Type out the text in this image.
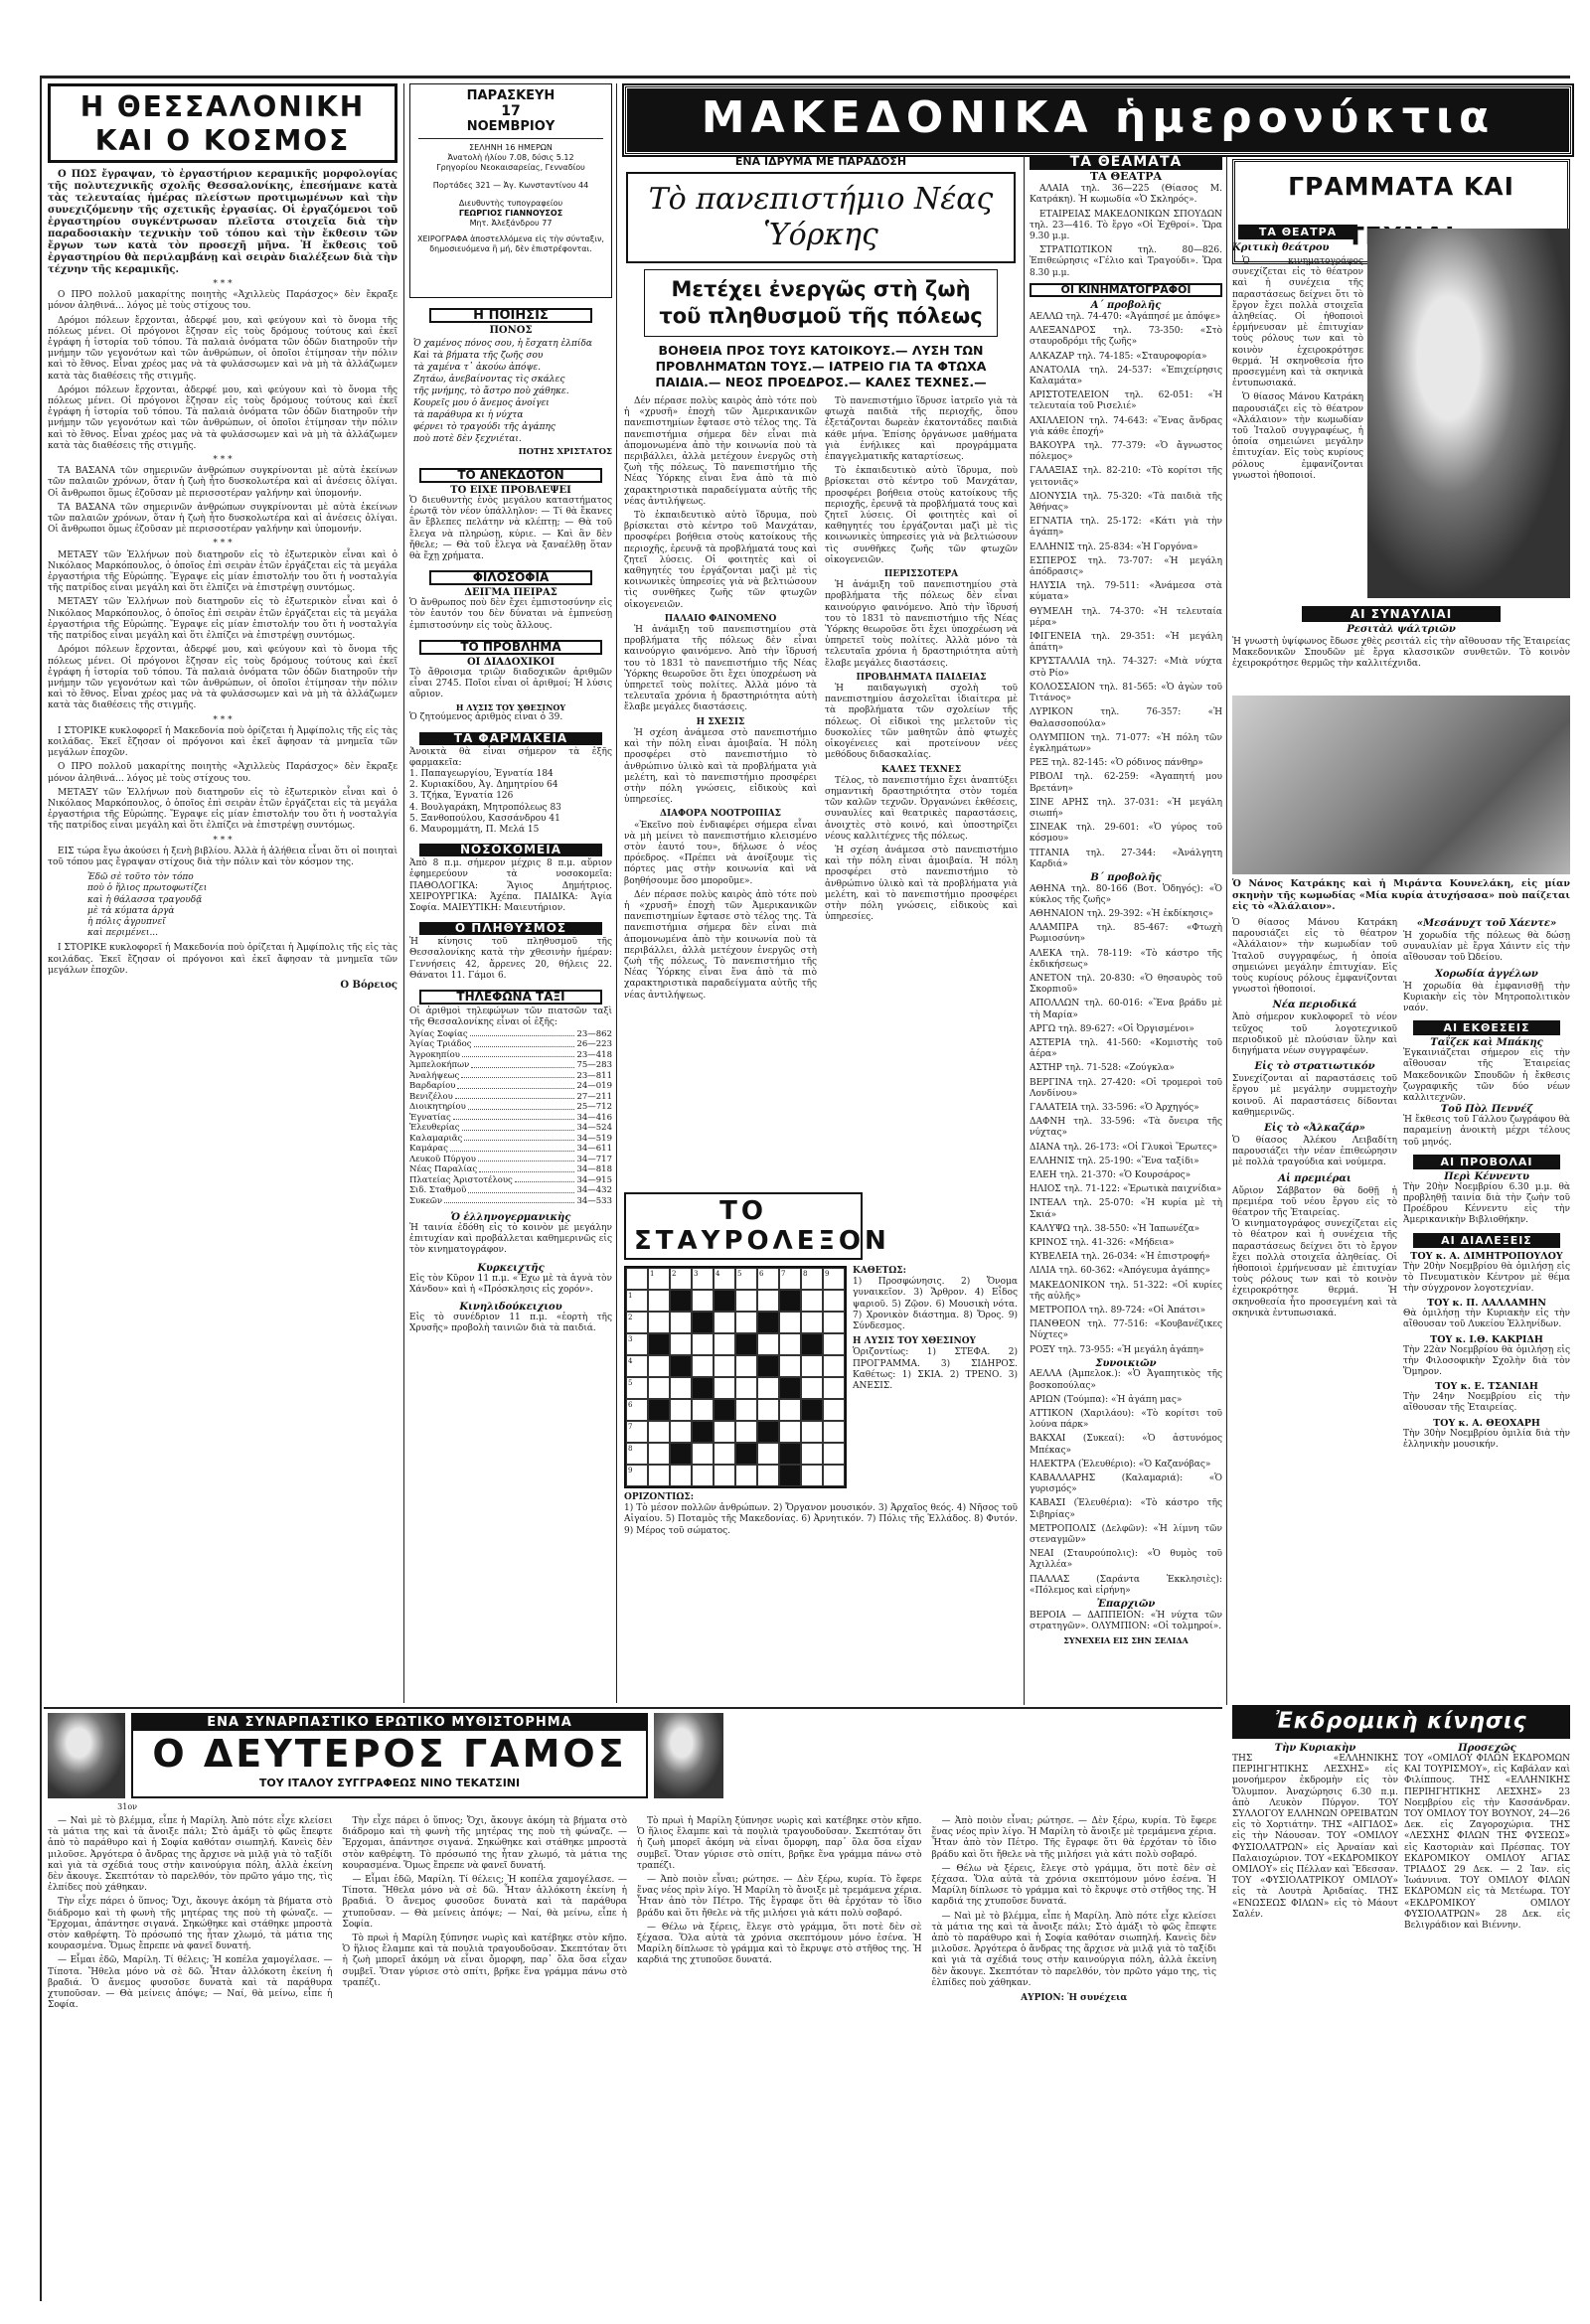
Η ΘΕΣΣΑΛΟΝΙΚΗ ΚΑΙ Ο ΚΟΣΜΟΣ

Ο ΠΩΣ ἔγραψαν, τὸ ἐργαστήριον κεραμικῆς μορφολογίας τῆς πολυτεχνικῆς σχολῆς Θεσσαλονίκης, ἐπεσήμανε κατὰ τὰς τελευταίας ἡμέρας πλείστων προτιμωμένων καὶ τὴν συνεχιζόμενην τῆς σχετικῆς ἐργασίας. Οἱ ἐργαζόμενοι τοῦ ἐργαστηρίου συγκέντρωσαν πλεῖστα στοιχεῖα διὰ τὴν παραδοσιακὴν τεχνικὴν τοῦ τόπου καὶ τὴν ἔκθεσιν τῶν ἔργων των κατὰ τὸν προσεχῆ μῆνα. Ἡ ἔκθεσις τοῦ ἐργαστηρίου θὰ περιλαμβάνῃ καὶ σειρὰν διαλέξεων διὰ τὴν τέχνην τῆς κεραμικῆς.

* * *

Ο ΠΡΟ πολλοῦ μακαρίτης ποιητὴς «Ἀχιλλεὺς Παράσχος» δὲν ἔκραξε μόνον ἀληθινά... λόγος μὲ τοὺς στίχους του.

Δρόμοι πόλεων ἔρχονται, ἀδερφέ μου, καὶ φεύγουν καὶ τὸ ὄνομα τῆς πόλεως μένει. Οἱ πρόγονοι ἔζησαν εἰς τοὺς δρόμους τούτους καὶ ἐκεῖ ἐγράφη ἡ ἱστορία τοῦ τόπου. Τὰ παλαιὰ ὀνόματα τῶν ὁδῶν διατηροῦν τὴν μνήμην τῶν γεγονότων καὶ τῶν ἀνθρώπων, οἱ ὁποῖοι ἐτίμησαν τὴν πόλιν καὶ τὸ ἔθνος. Εἶναι χρέος μας νὰ τὰ φυλάσσωμεν καὶ νὰ μὴ τὰ ἀλλάζωμεν κατὰ τὰς διαθέσεις τῆς στιγμῆς.

Δρόμοι πόλεων ἔρχονται, ἀδερφέ μου, καὶ φεύγουν καὶ τὸ ὄνομα τῆς πόλεως μένει. Οἱ πρόγονοι ἔζησαν εἰς τοὺς δρόμους τούτους καὶ ἐκεῖ ἐγράφη ἡ ἱστορία τοῦ τόπου. Τὰ παλαιὰ ὀνόματα τῶν ὁδῶν διατηροῦν τὴν μνήμην τῶν γεγονότων καὶ τῶν ἀνθρώπων, οἱ ὁποῖοι ἐτίμησαν τὴν πόλιν καὶ τὸ ἔθνος. Εἶναι χρέος μας νὰ τὰ φυλάσσωμεν καὶ νὰ μὴ τὰ ἀλλάζωμεν κατὰ τὰς διαθέσεις τῆς στιγμῆς.

* * *

ΤΑ ΒΑΣΑΝΑ τῶν σημερινῶν ἀνθρώπων συγκρίνονται μὲ αὐτὰ ἐκείνων τῶν παλαιῶν χρόνων, ὅταν ἡ ζωὴ ἦτο δυσκολωτέρα καὶ αἱ ἀνέσεις ὀλίγαι. Οἱ ἄνθρωποι ὅμως ἐζοῦσαν μὲ περισσοτέραν γαλήνην καὶ ὑπομονήν.

ΤΑ ΒΑΣΑΝΑ τῶν σημερινῶν ἀνθρώπων συγκρίνονται μὲ αὐτὰ ἐκείνων τῶν παλαιῶν χρόνων, ὅταν ἡ ζωὴ ἦτο δυσκολωτέρα καὶ αἱ ἀνέσεις ὀλίγαι. Οἱ ἄνθρωποι ὅμως ἐζοῦσαν μὲ περισσοτέραν γαλήνην καὶ ὑπομονήν.

* * *

ΜΕΤΑΞΥ τῶν Ἑλλήνων ποὺ διατηροῦν εἰς τὸ ἐξωτερικὸν εἶναι καὶ ὁ Νικόλαος Μαρκόπουλος, ὁ ὁποῖος ἐπὶ σειρὰν ἐτῶν ἐργάζεται εἰς τὰ μεγάλα ἐργαστήρια τῆς Εὐρώπης. Ἔγραψε εἰς μίαν ἐπιστολήν του ὅτι ἡ νοσταλγία τῆς πατρίδος εἶναι μεγάλη καὶ ὅτι ἐλπίζει νὰ ἐπιστρέψῃ συντόμως.

ΜΕΤΑΞΥ τῶν Ἑλλήνων ποὺ διατηροῦν εἰς τὸ ἐξωτερικὸν εἶναι καὶ ὁ Νικόλαος Μαρκόπουλος, ὁ ὁποῖος ἐπὶ σειρὰν ἐτῶν ἐργάζεται εἰς τὰ μεγάλα ἐργαστήρια τῆς Εὐρώπης. Ἔγραψε εἰς μίαν ἐπιστολήν του ὅτι ἡ νοσταλγία τῆς πατρίδος εἶναι μεγάλη καὶ ὅτι ἐλπίζει νὰ ἐπιστρέψῃ συντόμως.

Δρόμοι πόλεων ἔρχονται, ἀδερφέ μου, καὶ φεύγουν καὶ τὸ ὄνομα τῆς πόλεως μένει. Οἱ πρόγονοι ἔζησαν εἰς τοὺς δρόμους τούτους καὶ ἐκεῖ ἐγράφη ἡ ἱστορία τοῦ τόπου. Τὰ παλαιὰ ὀνόματα τῶν ὁδῶν διατηροῦν τὴν μνήμην τῶν γεγονότων καὶ τῶν ἀνθρώπων, οἱ ὁποῖοι ἐτίμησαν τὴν πόλιν καὶ τὸ ἔθνος. Εἶναι χρέος μας νὰ τὰ φυλάσσωμεν καὶ νὰ μὴ τὰ ἀλλάζωμεν κατὰ τὰς διαθέσεις τῆς στιγμῆς.

* * *

Ι ΣΤΟΡΙΚΕ κυκλοφορεῖ ἡ Μακεδονία ποὺ ὁρίζεται ἡ Ἀμφίπολις τῆς εἰς τὰς κοιλάδας. Ἐκεῖ ἔζησαν οἱ πρόγονοι καὶ ἐκεῖ ἄφησαν τὰ μνημεῖα τῶν μεγάλων ἐποχῶν.

Ο ΠΡΟ πολλοῦ μακαρίτης ποιητὴς «Ἀχιλλεὺς Παράσχος» δὲν ἔκραξε μόνον ἀληθινά... λόγος μὲ τοὺς στίχους του.

ΜΕΤΑΞΥ τῶν Ἑλλήνων ποὺ διατηροῦν εἰς τὸ ἐξωτερικὸν εἶναι καὶ ὁ Νικόλαος Μαρκόπουλος, ὁ ὁποῖος ἐπὶ σειρὰν ἐτῶν ἐργάζεται εἰς τὰ μεγάλα ἐργαστήρια τῆς Εὐρώπης. Ἔγραψε εἰς μίαν ἐπιστολήν του ὅτι ἡ νοσταλγία τῆς πατρίδος εἶναι μεγάλη καὶ ὅτι ἐλπίζει νὰ ἐπιστρέψῃ συντόμως.

* * *

ΕΙΣ τώρα ἔγω ἀκούσει ἡ ξενὴ βιβλίου. Ἀλλὰ ἡ ἀλήθεια εἶναι ὅτι οἱ ποιηταὶ τοῦ τόπου μας ἔγραψαν στίχους διὰ τὴν πόλιν καὶ τὸν κόσμον της.

Ἐδῶ σὲ τοῦτο τὸν τόπο
ποὺ ὁ ἥλιος πρωτοφωτίζει
καὶ ἡ θάλασσα τραγουδᾷ
μὲ τὰ κύματα ἀργὰ
ἡ πόλις ἀγρυπνεῖ
καὶ περιμένει...

Ι ΣΤΟΡΙΚΕ κυκλοφορεῖ ἡ Μακεδονία ποὺ ὁρίζεται ἡ Ἀμφίπολις τῆς εἰς τὰς κοιλάδας. Ἐκεῖ ἔζησαν οἱ πρόγονοι καὶ ἐκεῖ ἄφησαν τὰ μνημεῖα τῶν μεγάλων ἐποχῶν.

Ο Βόρειος
ΠΑΡΑΣΚΕΥΗ
17
ΝΟΕΜΒΡΙΟΥ
ΣΕΛΗΝΗ 16 ΗΜΕΡΩΝ
Ἀνατολὴ ἡλίου 7.08, δύσις 5.12
Γρηγορίου Νεοκαισαρείας, Γενναδίου
Πορτάδες 321 — Ἁγ. Κωνσταντίνου 44
Διευθυντὴς τυπογραφείου
ΓΕΩΡΓΙΟΣ ΓΙΑΝΝΟΥΣΟΣ
Μητ. Ἀλεξάνδρου 77
ΧΕΙΡΟΓΡΑΦΑ ἀποστελλόμενα εἰς τὴν σύνταξιν, δημοσιευόμενα ἢ μή, δὲν ἐπιστρέφονται.
Η ΠΟΙΗΣΙΣ
ΠΟΝΟΣ
Ὁ χαμένος πόνος σου, ἡ ἔσχατη ἐλπίδα
Καὶ τὰ βήματα τῆς ζωῆς σου
τὰ χαμένα τ᾽ ἀκούω ἀπόψε.
Ζητάω, ἀνεβαίνοντας τὶς σκάλες
τῆς μνήμης, τὸ ἄστρο ποὺ χάθηκε.
Κουρεῖς μου ὁ ἄνεμος ἀνοίγει
τὰ παράθυρα κι ἡ νύχτα
φέρνει τὸ τραγούδι τῆς ἀγάπης
ποὺ ποτὲ δὲν ξεχνιέται.
ΠΟΤΗΣ ΧΡΙΣΤΑΤΟΣ
ΤΟ ΑΝΕΚΔΟΤΟΝ
ΤΟ ΕΙΧΕ ΠΡΟΒΛΕΨΕΙ
Ὁ διευθυντὴς ἐνὸς μεγάλου καταστήματος ἐρωτᾷ τὸν νέον ὑπάλληλον: — Τί θὰ ἔκανες ἂν ἔβλεπες πελάτην νὰ κλέπτῃ; — Θὰ τοῦ ἔλεγα νὰ πληρώσῃ, κύριε. — Καὶ ἂν δὲν ἤθελε; — Θὰ τοῦ ἔλεγα νὰ ξαναέλθῃ ὅταν θὰ ἔχῃ χρήματα.
ΦΙΛΟΣΟΦΙΑ
ΔΕΙΓΜΑ ΠΕΙΡΑΣ
Ὁ ἄνθρωπος ποὺ δὲν ἔχει ἐμπιστοσύνην εἰς τὸν ἑαυτόν του δὲν δύναται νὰ ἐμπνεύσῃ ἐμπιστοσύνην εἰς τοὺς ἄλλους.
ΤΟ ΠΡΟΒΛΗΜΑ
ΟΙ ΔΙΑΔΟΧΙΚΟΙ
Τὸ ἄθροισμα τριῶν διαδοχικῶν ἀριθμῶν εἶναι 2745. Ποῖοι εἶναι οἱ ἀριθμοί; Ἡ λύσις αὔριον.
Η ΛΥΣΙΣ ΤΟΥ ΧΘΕΣΙΝΟΥ
Ὁ ζητούμενος ἀριθμὸς εἶναι ὁ 39.
ΤΑ ΦΑΡΜΑΚΕΙΑ
Ἀνοικτὰ θὰ εἶναι σήμερον τὰ ἑξῆς φαρμακεῖα:
1. Παπαγεωργίου, Ἐγνατία 184
2. Κυριακίδου, Ἀγ. Δημητρίου 64
3. Τζήκα, Ἐγνατία 126
4. Βουλγαράκη, Μητροπόλεως 83
5. Ξανθοπούλου, Κασσάνδρου 41
6. Μαυρομμάτη, Π. Μελά 15
ΝΟΣΟΚΟΜΕΙΑ
Ἀπὸ 8 π.μ. σήμερον μέχρις 8 π.μ. αὔριον ἐφημερεύουν τὰ νοσοκομεῖα: ΠΑΘΟΛΟΓΙΚΑ: Ἅγιος Δημήτριος. ΧΕΙΡΟΥΡΓΙΚΑ: Ἀχέπα. ΠΑΙΔΙΚΑ: Ἁγία Σοφία. ΜΑΙΕΥΤΙΚΗ: Μαιευτήριον.
Ο ΠΛΗΘΥΣΜΟΣ
Ἡ κίνησις τοῦ πληθυσμοῦ τῆς Θεσσαλονίκης κατὰ τὴν χθεσινὴν ἡμέραν: Γεννήσεις 42, ἄρρενες 20, θήλεις 22. Θάνατοι 11. Γάμοι 6.
ΤΗΛΕΦΩΝΑ ΤΑΞΙ
Οἱ ἀριθμοὶ τηλεφώνων τῶν πιατσῶν ταξὶ τῆς Θεσσαλονίκης εἶναι οἱ ἑξῆς:
Ἁγίας Σοφίας	23—862
Ἁγίας Τριάδος	26—223
Ἀγροκηπίου	23—418
Ἀμπελοκήπων	75—283
Ἀναλήψεως	23—811
Βαρδαρίου	24—019
Βενιζέλου	27—211
Διοικητηρίου	25—712
Ἐγνατίας	34—416
Ἐλευθερίας	34—524
Καλαμαριᾶς	34—519
Καμάρας	34—611
Λευκοῦ Πύργου	34—717
Νέας Παραλίας	34—818
Πλατείας Ἀριστοτέλους	34—915
Σιδ. Σταθμοῦ	34—432
Συκεῶν	34—533
Ὁ ἑλληνογερμανικὴς
Ἡ ταινία ἐδόθη εἰς τὸ κοινὸν μὲ μεγάλην ἐπιτυχίαν καὶ προβάλλεται καθημερινῶς εἰς τὸν κινηματογράφον.
Κυρκειχτῆς
Εἰς τὸν Κῦρον 11 π.μ. «Ἔχω μὲ τὰ ἁγνὰ τὸν Χάνδου» καὶ ἡ «Πρόσκλησις εἰς χορόν».
Κινηλιδούκειχιου
Εἰς τὸ συνέδριον 11 π.μ. «ἑορτὴ τῆς Χρυσῆς» προβολὴ ταινιῶν διὰ τὰ παιδιά.
ΜΑΚΕΔΟΝΙΚΑ ἡμερονύκτια
ΕΝΑ ΙΔΡΥΜΑ ΜΕ ΠΑΡΑΔΟΣΗ
Τὸ πανεπιστήμιο Νέας Ὑόρκης
Μετέχει ἐνεργῶς στὴ ζωὴ τοῦ πληθυσμοῦ τῆς πόλεως
ΒΟΗΘΕΙΑ ΠΡΟΣ ΤΟΥΣ ΚΑΤΟΙΚΟΥΣ.— ΛΥΣΗ ΤΩΝ ΠΡΟΒΛΗΜΑΤΩΝ ΤΟΥΣ.— ΙΑΤΡΕΙΟ ΓΙΑ ΤΑ ΦΤΩΧΑ ΠΑΙΔΙΑ.— ΝΕΟΣ ΠΡΟΕΔΡΟΣ.— ΚΑΛΕΣ ΤΕΧΝΕΣ.—

Δέν πέρασε πολὺς καιρὸς ἀπὸ τότε ποὺ ἡ «χρυσῆ» ἐποχὴ τῶν Ἀμερικανικῶν πανεπιστημίων ἔφτασε στὸ τέλος της. Τὰ πανεπιστήμια σήμερα δὲν εἶναι πιὰ ἀπομονωμένα ἀπὸ τὴν κοινωνία ποὺ τὰ περιβάλλει, ἀλλὰ μετέχουν ἐνεργῶς στὴ ζωὴ τῆς πόλεως. Τὸ πανεπιστήμιο τῆς Νέας Ὑόρκης εἶναι ἕνα ἀπὸ τὰ πιὸ χαρακτηριστικὰ παραδείγματα αὐτῆς τῆς νέας ἀντιλήψεως.

Τὸ ἐκπαιδευτικὸ αὐτὸ ἵδρυμα, ποὺ βρίσκεται στὸ κέντρο τοῦ Μανχάταν, προσφέρει βοήθεια στοὺς κατοίκους τῆς περιοχῆς, ἐρευνᾷ τὰ προβλήματά τους καὶ ζητεῖ λύσεις. Οἱ φοιτητὲς καὶ οἱ καθηγητές του ἐργάζονται μαζὶ μὲ τὶς κοινωνικὲς ὑπηρεσίες γιὰ νὰ βελτιώσουν τὶς συνθῆκες ζωῆς τῶν φτωχῶν οἰκογενειῶν.

ΠΑΛΑΙΟ ΦΑΙΝΟΜΕΝΟ

Ἡ ἀνάμιξη τοῦ πανεπιστημίου στὰ προβλήματα τῆς πόλεως δὲν εἶναι καινούργιο φαινόμενο. Ἀπὸ τὴν ἵδρυσή του τὸ 1831 τὸ πανεπιστήμιο τῆς Νέας Ὑόρκης θεωροῦσε ὅτι ἔχει ὑποχρέωση νὰ ὑπηρετεῖ τοὺς πολίτες. Ἀλλὰ μόνο τὰ τελευταῖα χρόνια ἡ δραστηριότητα αὐτὴ ἔλαβε μεγάλες διαστάσεις.

Η ΣΧΕΣΙΣ

Ἡ σχέση ἀνάμεσα στὸ πανεπιστήμιο καὶ τὴν πόλη εἶναι ἀμοιβαία. Ἡ πόλη προσφέρει στὸ πανεπιστήμιο τὸ ἀνθρώπινο ὑλικὸ καὶ τὰ προβλήματα γιὰ μελέτη, καὶ τὸ πανεπιστήμιο προσφέρει στὴν πόλη γνώσεις, εἰδικοὺς καὶ ὑπηρεσίες.

ΔΙΑΦΟΡΑ ΝΟΟΤΡΟΠΙΑΣ

«Ἐκεῖνο ποὺ ἐνδιαφέρει σήμερα εἶναι νὰ μὴ μείνει τὸ πανεπιστήμιο κλεισμένο στὸν ἑαυτό του», δήλωσε ὁ νέος πρόεδρος. «Πρέπει νὰ ἀνοίξουμε τὶς πόρτες μας στὴν κοινωνία καὶ νὰ βοηθήσουμε ὅσο μποροῦμε».

Δέν πέρασε πολὺς καιρὸς ἀπὸ τότε ποὺ ἡ «χρυσῆ» ἐποχὴ τῶν Ἀμερικανικῶν πανεπιστημίων ἔφτασε στὸ τέλος της. Τὰ πανεπιστήμια σήμερα δὲν εἶναι πιὰ ἀπομονωμένα ἀπὸ τὴν κοινωνία ποὺ τὰ περιβάλλει, ἀλλὰ μετέχουν ἐνεργῶς στὴ ζωὴ τῆς πόλεως. Τὸ πανεπιστήμιο τῆς Νέας Ὑόρκης εἶναι ἕνα ἀπὸ τὰ πιὸ χαρακτηριστικὰ παραδείγματα αὐτῆς τῆς νέας ἀντιλήψεως.

Τὸ πανεπιστήμιο ἵδρυσε ἰατρεῖο γιὰ τὰ φτωχὰ παιδιὰ τῆς περιοχῆς, ὅπου ἐξετάζονται δωρεὰν ἑκατοντάδες παιδιὰ κάθε μήνα. Ἐπίσης ὀργάνωσε μαθήματα γιὰ ἐνήλικες καὶ προγράμματα ἐπαγγελματικῆς καταρτίσεως.

Τὸ ἐκπαιδευτικὸ αὐτὸ ἵδρυμα, ποὺ βρίσκεται στὸ κέντρο τοῦ Μανχάταν, προσφέρει βοήθεια στοὺς κατοίκους τῆς περιοχῆς, ἐρευνᾷ τὰ προβλήματά τους καὶ ζητεῖ λύσεις. Οἱ φοιτητὲς καὶ οἱ καθηγητές του ἐργάζονται μαζὶ μὲ τὶς κοινωνικὲς ὑπηρεσίες γιὰ νὰ βελτιώσουν τὶς συνθῆκες ζωῆς τῶν φτωχῶν οἰκογενειῶν.

ΠΕΡΙΣΣΟΤΕΡΑ

Ἡ ἀνάμιξη τοῦ πανεπιστημίου στὰ προβλήματα τῆς πόλεως δὲν εἶναι καινούργιο φαινόμενο. Ἀπὸ τὴν ἵδρυσή του τὸ 1831 τὸ πανεπιστήμιο τῆς Νέας Ὑόρκης θεωροῦσε ὅτι ἔχει ὑποχρέωση νὰ ὑπηρετεῖ τοὺς πολίτες. Ἀλλὰ μόνο τὰ τελευταῖα χρόνια ἡ δραστηριότητα αὐτὴ ἔλαβε μεγάλες διαστάσεις.

ΠΡΟΒΛΗΜΑΤΑ ΠΑΙΔΕΙΑΣ

Ἡ παιδαγωγικὴ σχολὴ τοῦ πανεπιστημίου ἀσχολεῖται ἰδιαίτερα μὲ τὰ προβλήματα τῶν σχολείων τῆς πόλεως. Οἱ εἰδικοὶ της μελετοῦν τὶς δυσκολίες τῶν μαθητῶν ἀπὸ φτωχὲς οἰκογένειες καὶ προτείνουν νέες μεθόδους διδασκαλίας.

ΚΑΛΕΣ ΤΕΧΝΕΣ

Τέλος, τὸ πανεπιστήμιο ἔχει ἀναπτύξει σημαντικὴ δραστηριότητα στὸν τομέα τῶν καλῶν τεχνῶν. Ὀργανώνει ἐκθέσεις, συναυλίες καὶ θεατρικὲς παραστάσεις, ἀνοιχτὲς στὸ κοινό, καὶ ὑποστηρίζει νέους καλλιτέχνες τῆς πόλεως.

Ἡ σχέση ἀνάμεσα στὸ πανεπιστήμιο καὶ τὴν πόλη εἶναι ἀμοιβαία. Ἡ πόλη προσφέρει στὸ πανεπιστήμιο τὸ ἀνθρώπινο ὑλικὸ καὶ τὰ προβλήματα γιὰ μελέτη, καὶ τὸ πανεπιστήμιο προσφέρει στὴν πόλη γνώσεις, εἰδικοὺς καὶ ὑπηρεσίες.

ΤΟ ΣΤΑΥΡΟΛΕΞΟΝ
1	2	3	4	5	6	7	8	9
1
2
3
4
5
6
7
8
9
ΚΑΘΕΤΩΣ:
1) Προσφώνησις. 2) Ὄνομα γυναικεῖον. 3) Ἄρθρον. 4) Εἶδος ψαριοῦ. 5) Ζῷον. 6) Μουσικὴ νότα. 7) Χρονικὸν διάστημα. 8) Ὄρος. 9) Σύνδεσμος.
Η ΛΥΣΙΣ ΤΟΥ ΧΘΕΣΙΝΟΥ
Ὁριζοντίως: 1) ΣΤΕΦΑ. 2) ΠΡΟΓΡΑΜΜΑ. 3) ΣΙΔΗΡΟΣ. Καθέτως: 1) ΣΚΙΑ. 2) ΤΡΕΝΟ. 3) ΑΝΕΣΙΣ.
ΟΡΙΖΟΝΤΙΩΣ:
1) Τὸ μέσον πολλῶν ἀνθρώπων. 2) Ὄργανον μουσικόν. 3) Ἀρχαῖος θεός. 4) Νῆσος τοῦ Αἰγαίου. 5) Ποταμὸς τῆς Μακεδονίας. 6) Ἀρνητικόν. 7) Πόλις τῆς Ἑλλάδος. 8) Φυτόν. 9) Μέρος τοῦ σώματος.
ΤΑ ΘΕΑΜΑΤΑ
ΤΑ ΘΕΑΤΡΑ

ΑΛΑΙΑ τηλ. 36—225 (Θίασος Μ. Κατράκη). Ἡ κωμωδία «Ὁ Σκληρός».

ΕΤΑΙΡΕΙΑΣ ΜΑΚΕΔΟΝΙΚΩΝ ΣΠΟΥΔΩΝ τηλ. 23—416. Τὸ ἔργο «Οἱ Ἐχθροί». Ὥρα 9.30 μ.μ.

ΣΤΡΑΤΙΩΤΙΚΟΝ τηλ. 80—826. Ἐπιθεώρησις «Γέλιο καὶ Τραγούδι». Ὥρα 8.30 μ.μ.

ΟΙ ΚΙΝΗΜΑΤΟΓΡΑΦΟΙ
Α΄ προβολῆς

ΑΕΛΛΩ τηλ. 74-470: «Ἀγάπησέ με ἀπόψε»

ΑΛΕΞΑΝΔΡΟΣ τηλ. 73-350: «Στὸ σταυροδρόμι τῆς ζωῆς»

ΑΛΚΑΖΑΡ τηλ. 74-185: «Σταυροφορία»

ΑΝΑΤΟΛΙΑ τηλ. 24-537: «Ἐπιχείρησις Καλαμάτα»

ΑΡΙΣΤΟΤΕΛΕΙΟΝ τηλ. 62-051: «Ἡ τελευταία τοῦ Ρισελιέ»

ΑΧΙΛΛΕΙΟΝ τηλ. 74-643: «Ἕνας ἄνδρας γιὰ κάθε ἐποχή»

ΒΑΚΟΥΡΑ τηλ. 77-379: «Ὁ ἄγνωστος πόλεμος»

ΓΑΛΑΞΙΑΣ τηλ. 82-210: «Τὸ κορίτσι τῆς γειτονιᾶς»

ΔΙΟΝΥΣΙΑ τηλ. 75-320: «Τὰ παιδιὰ τῆς Ἀθήνας»

ΕΓΝΑΤΙΑ τηλ. 25-172: «Κάτι γιὰ τὴν ἀγάπη»

ΕΛΛΗΝΙΣ τηλ. 25-834: «Ἡ Γοργόνα»

ΕΣΠΕΡΟΣ τηλ. 73-707: «Ἡ μεγάλη ἀπόδρασις»

ΗΛΥΣΙΑ τηλ. 79-511: «Ἀνάμεσα στὰ κύματα»

ΘΥΜΕΛΗ τηλ. 74-370: «Ἡ τελευταία μέρα»

ΙΦΙΓΕΝΕΙΑ τηλ. 29-351: «Ἡ μεγάλη ἀπάτη»

ΚΡΥΣΤΑΛΛΙΑ τηλ. 74-327: «Μιὰ νύχτα στὸ Ρίο»

ΚΟΛΟΣΣΑΙΟΝ τηλ. 81-565: «Ὁ ἀγὼν τοῦ Τιτάνος»

ΛΥΡΙΚΟΝ τηλ. 76-357: «Ἡ Θαλασσοπούλα»

ΟΛΥΜΠΙΟΝ τηλ. 71-077: «Ἡ πόλη τῶν ἐγκλημάτων»

ΡΕΞ τηλ. 82-145: «Ὁ ρόδινος πάνθηρ»

ΡΙΒΟΛΙ τηλ. 62-259: «Ἀγαπητή μου Βρετάνη»

ΣΙΝΕ ΑΡΗΣ τηλ. 37-031: «Ἡ μεγάλη σιωπή»

ΣΙΝΕΑΚ τηλ. 29-601: «Ὁ γύρος τοῦ κόσμου»

ΤΙΤΑΝΙΑ τηλ. 27-344: «Ἀνάλγητη Καρδιά»

Β΄ προβολῆς

ΑΘΗΝΑ τηλ. 80-166 (Βοτ. Ὁδηγός): «Ὁ κύκλος τῆς ζωῆς»

ΑΘΗΝΑΙΟΝ τηλ. 29-392: «Ἡ ἐκδίκησις»

ΑΛΑΜΠΡΑ τηλ. 85-467: «Φτωχὴ Ρωμιοσύνη»

ΑΛΕΚΑ τηλ. 78-119: «Τὸ κάστρο τῆς ἐκδικήσεως»

ΑΝΕΤΟΝ τηλ. 20-830: «Ὁ θησαυρὸς τοῦ Σκορπιοῦ»

ΑΠΟΛΛΩΝ τηλ. 60-016: «Ἕνα βράδυ μὲ τὴ Μαρία»

ΑΡΓΩ τηλ. 89-627: «Οἱ Ὀργισμένοι»

ΑΣΤΕΡΙΑ τηλ. 41-560: «Κομιστὴς τοῦ ἀέρα»

ΑΣΤΗΡ τηλ. 71-528: «Ζούγκλα»

ΒΕΡΓΙΝΑ τηλ. 27-420: «Οἱ τρομεροὶ τοῦ Λονδίνου»

ΓΑΛΑΤΕΙΑ τηλ. 33-596: «Ὁ Ἀρχηγός»

ΔΑΦΝΗ τηλ. 33-596: «Τὰ ὄνειρα τῆς νύχτας»

ΔΙΑΝΑ τηλ. 26-173: «Οἱ Γλυκοὶ Ἔρωτες»

ΕΛΛΗΝΙΣ τηλ. 25-190: «Ἕνα ταξίδι»

ΕΛΕΗ τηλ. 21-370: «Ὁ Κουρσάρος»

ΗΛΙΟΣ τηλ. 71-122: «Ἐρωτικὰ παιχνίδια»

ΙΝΤΕΑΛ τηλ. 25-070: «Ἡ κυρία μὲ τὴ Σκιά»

ΚΑΛΥΨΩ τηλ. 38-550: «Ἡ Ἰαπωνέζα»

ΚΡΙΝΟΣ τηλ. 41-326: «Μήδεια»

ΚΥΒΕΛΕΙΑ τηλ. 26-034: «Ἡ ἐπιστροφή»

ΛΙΛΙΑ τηλ. 60-362: «Ἀπόγευμα ἀγάπης»

ΜΑΚΕΔΟΝΙΚΟΝ τηλ. 51-322: «Οἱ κυρίες τῆς αὐλῆς»

ΜΕΤΡΟΠΟΛ τηλ. 89-724: «Οἱ Ἀπάτσι»

ΠΑΝΘΕΟΝ τηλ. 77-516: «Κουβανέζικες Νύχτες»

ΡΟΞΥ τηλ. 73-955: «Ἡ μεγάλη ἀγάπη»

Συνοικιῶν

ΑΕΛΛΑ (Ἀμπελοκ.): «Ὁ Ἀγαπητικὸς τῆς βοσκοπούλας»

ΑΡΙΩΝ (Τούμπα): «Ἡ ἀγάπη μας»

ΑΤΤΙΚΟΝ (Χαριλάου): «Τὸ κορίτσι τοῦ λούνα πάρκ»

ΒΑΚΧΑΙ (Συκεαί): «Ὁ ἀστυνόμος Μπέκας»

ΗΛΕΚΤΡΑ (Ἐλευθέριο): «Ὁ Καζανόβας»

ΚΑΒΑΛΛΑΡΗΣ (Καλαμαριά): «Ὁ γυρισμός»

ΚΑΒΑΣΙ (Ἐλευθέρια): «Τὸ κάστρο τῆς Σιβηρίας»

ΜΕΤΡΟΠΟΛΙΣ (Δελφῶν): «Ἡ λίμνη τῶν στεναγμῶν»

ΝΕΑΙ (Σταυρούπολις): «Ὁ θυμὸς τοῦ Ἀχιλλέα»

ΠΑΛΛΑΣ (Σαράντα Ἐκκλησιὲς): «Πόλεμος καὶ εἰρήνη»

Ἐπαρχιῶν
ΒΕΡΟΙΑ — ΔΑΠΠΕΙΟΝ: «Ἡ νύχτα τῶν στρατηγῶν». ΟΛΥΜΠΙΟΝ: «Οἱ τολμηροί».
ΣΥΝΕΧΕΙΑ ΕΙΣ ΣΗΝ ΣΕΛΙΔΑ
ΓΡΑΜΜΑΤΑ ΚΑΙ
ΤΑ ΘΕΑΤΡΑ
Κριτικὴ θεάτρου

Ὁ κινηματογράφος συνεχίζεται εἰς τὸ θέατρον καὶ ἡ συνέχεια τῆς παραστάσεως δείχνει ὅτι τὸ ἔργον ἔχει πολλὰ στοιχεῖα ἀληθείας. Οἱ ἠθοποιοὶ ἑρμήνευσαν μὲ ἐπιτυχίαν τοὺς ρόλους των καὶ τὸ κοινὸν ἐχειροκρότησε θερμά. Ἡ σκηνοθεσία ἦτο προσεγμένη καὶ τὰ σκηνικὰ ἐντυπωσιακά.

Ὁ θίασος Μάνου Κατράκη παρουσιάζει εἰς τὸ θέατρον «Ἀλάλαιον» τὴν κωμωδίαν τοῦ Ἰταλοῦ συγγραφέως, ἡ ὁποία σημειώνει μεγάλην ἐπιτυχίαν. Εἰς τοὺς κυρίους ρόλους ἐμφανίζονται γνωστοὶ ἠθοποιοί.

ΑΙ ΣΥΝΑΥΛΙΑΙ
Ρεσιτὰλ ψάλτριῶν
Ἡ γνωστὴ ὑψίφωνος ἔδωσε χθὲς ρεσιτάλ εἰς τὴν αἴθουσαν τῆς Ἑταιρείας Μακεδονικῶν Σπουδῶν μὲ ἔργα κλασσικῶν συνθετῶν. Τὸ κοινὸν ἐχειροκρότησε θερμῶς τὴν καλλιτέχνιδα.
Ὁ Νάνος Κατράκης καὶ ἡ Μιράντα Κουνελάκη, εἰς μίαν σκηνὴν τῆς κωμωδίας «Μία κυρία ἀτυχήσασα» ποὺ παίζεται εἰς τὸ «Ἀλάλαιον».
Ὁ θίασος Μάνου Κατράκη παρουσιάζει εἰς τὸ θέατρον «Ἀλάλαιον» τὴν κωμωδίαν τοῦ Ἰταλοῦ συγγραφέως, ἡ ὁποία σημειώνει μεγάλην ἐπιτυχίαν. Εἰς τοὺς κυρίους ρόλους ἐμφανίζονται γνωστοὶ ἠθοποιοί.
Νέα περιοδικά
Ἀπὸ σήμερον κυκλοφορεῖ τὸ νέον τεῦχος τοῦ λογοτεχνικοῦ περιοδικοῦ μὲ πλούσιαν ὕλην καὶ διηγήματα νέων συγγραφέων.
Εἰς τὸ στρατιωτικόν
Συνεχίζονται αἱ παραστάσεις τοῦ ἔργου μὲ μεγάλην συμμετοχὴν κοινοῦ. Αἱ παραστάσεις δίδονται καθημερινῶς.
Εἰς τὸ «Ἀλκαζάρ»
Ὁ θίασος Ἀλέκου Λειβαδίτη παρουσιάζει τὴν νέαν ἐπιθεώρησιν μὲ πολλὰ τραγούδια καὶ νούμερα.
Αἱ πρεμιέραι
Αὔριον Σάββατον θὰ δοθῇ ἡ πρεμιέρα τοῦ νέου ἔργου εἰς τὸ θέατρον τῆς Ἐταιρείας.
Ὁ κινηματογράφος συνεχίζεται εἰς τὸ θέατρον καὶ ἡ συνέχεια τῆς παραστάσεως δείχνει ὅτι τὸ ἔργον ἔχει πολλὰ στοιχεῖα ἀληθείας. Οἱ ἠθοποιοὶ ἑρμήνευσαν μὲ ἐπιτυχίαν τοὺς ρόλους των καὶ τὸ κοινὸν ἐχειροκρότησε θερμά. Ἡ σκηνοθεσία ἦτο προσεγμένη καὶ τὰ σκηνικὰ ἐντυπωσιακά.
«Μεσάνυχτ τοῦ Χάεντε»
Ἡ χορωδία τῆς πόλεως θὰ δώσῃ συναυλίαν μὲ ἔργα Χάιντν εἰς τὴν αἴθουσαν τοῦ Ὠδείου.
Χορωδία ἀγγέλων
Ἡ χορωδία θὰ ἐμφανισθῇ τὴν Κυριακὴν εἰς τὸν Μητροπολιτικὸν ναόν.
ΑΙ ΕΚΘΕΣΕΙΣ
Ταΐζεκ καὶ Μπάκης
Ἐγκαινιάζεται σήμερον εἰς τὴν αἴθουσαν τῆς Ἑταιρείας Μακεδονικῶν Σπουδῶν ἡ ἔκθεσις ζωγραφικῆς τῶν δύο νέων καλλιτεχνῶν.
Τοῦ Πὸλ Πεννέζ
Ἡ ἔκθεσις τοῦ Γάλλου ζωγράφου θὰ παραμείνῃ ἀνοικτὴ μέχρι τέλους τοῦ μηνός.
ΑΙ ΠΡΟΒΟΛΑΙ
Περὶ Κέννεντυ
Τὴν 20ὴν Νοεμβρίου 6.30 μ.μ. θὰ προβληθῇ ταινία διὰ τὴν ζωὴν τοῦ Προέδρου Κέννεντυ εἰς τὴν Ἀμερικανικὴν Βιβλιοθήκην.
ΑΙ ΔΙΑΛΕΞΕΙΣ
ΤΟΥ κ. Α. ΔΙΜΗΤΡΟΠΟΥΛΟΥ
Τὴν 20ὴν Νοεμβρίου θὰ ὁμιλήσῃ εἰς τὸ Πνευματικὸν Κέντρον μὲ θέμα τὴν σύγχρονον λογοτεχνίαν.
ΤΟΥ κ. Π. ΛΑΛΛΑΜΗΝ
Θὰ ὁμιλήσῃ τὴν Κυριακὴν εἰς τὴν αἴθουσαν τοῦ Λυκείου Ἑλληνίδων.
ΤΟΥ κ. Ι.Θ. ΚΑΚΡΙΔΗ
Τὴν 22ὰν Νοεμβρίου θὰ ὁμιλήσῃ εἰς τὴν Φιλοσοφικὴν Σχολὴν διὰ τὸν Ὅμηρον.
ΤΟΥ κ. Ε. ΤΣΑΝΙΔΗ
Τὴν 24ην Νοεμβρίου εἰς τὴν αἴθουσαν τῆς Ἑταιρείας.
ΤΟΥ κ. Α. ΘΕΟΧΑΡΗ
Τὴν 30ὴν Νοεμβρίου ὁμιλία διὰ τὴν ἑλληνικὴν μουσικήν.
Ἐκδρομικὴ κίνησις
Τὴν Κυριακὴν
ΤΗΣ «ΕΛΛΗΝΙΚΗΣ ΠΕΡΙΗΓΗΤΙΚΗΣ ΛΕΣΧΗΣ» εἰς μονοήμερον ἐκδρομὴν εἰς τὸν Ὄλυμπον. Ἀναχώρησις 6.30 π.μ. ἀπὸ Λευκὸν Πύργον. ΤΟΥ ΣΥΛΛΟΓΟΥ ΕΛΛΗΝΩΝ ΟΡΕΙΒΑΤΩΝ εἰς τὸ Χορτιάτην. ΤΗΣ «ΑΙΓΙΔΟΣ» εἰς τὴν Νάουσαν. ΤΟΥ «ΟΜΙΛΟΥ ΦΥΣΙΟΛΑΤΡΩΝ» εἰς Ἀρναίαν καὶ Παλαιοχώριον. ΤΟΥ «ΕΚΔΡΟΜΙΚΟΥ ΟΜΙΛΟΥ» εἰς Πέλλαν καὶ Ἔδεσσαν. ΤΟΥ «ΦΥΣΙΟΛΑΤΡΙΚΟΥ ΟΜΙΛΟΥ» εἰς τὰ Λουτρὰ Ἀριδαίας. ΤΗΣ «ΕΝΩΣΕΩΣ ΦΙΛΩΝ» εἰς τὸ Μάουτ Σαλέν.
Προσεχῶς
ΤΟΥ «ΟΜΙΛΟΥ ΦΙΛΩΝ ΕΚΔΡΟΜΩΝ ΚΑΙ ΤΟΥΡΙΣΜΟΥ», εἰς Καβάλαν καὶ Φιλίππους. ΤΗΣ «ΕΛΛΗΝΙΚΗΣ ΠΕΡΙΗΓΗΤΙΚΗΣ ΛΕΣΧΗΣ» 23 Νοεμβρίου εἰς τὴν Κασσάνδραν. ΤΟΥ ΟΜΙΛΟΥ ΤΟΥ ΒΟΥΝΟΥ, 24—26 Δεκ. εἰς Ζαγοροχώρια. ΤΗΣ «ΛΕΣΧΗΣ ΦΙΛΩΝ ΤΗΣ ΦΥΣΕΩΣ» εἰς Καστοριὰν καὶ Πρέσπας. ΤΟΥ ΕΚΔΡΟΜΙΚΟΥ ΟΜΙΛΟΥ ΑΓΙΑΣ ΤΡΙΑΔΟΣ 29 Δεκ. — 2 Ἰαν. εἰς Ἰωάννινα. ΤΟΥ ΟΜΙΛΟΥ ΦΙΛΩΝ ΕΚΔΡΟΜΩΝ εἰς τὰ Μετέωρα. ΤΟΥ «ΕΚΔΡΟΜΙΚΟΥ ΟΜΙΛΟΥ ΦΥΣΙΟΛΑΤΡΩΝ» 28 Δεκ. εἰς Βελιγράδιον καὶ Βιέννην.
ΕΝΑ ΣΥΝΑΡΠΑΣΤΙΚΟ ΕΡΩΤΙΚΟ ΜΥΘΙΣΤΟΡΗΜΑ
Ο ΔΕΥΤΕΡΟΣ ΓΑΜΟΣ
ΤΟΥ ΙΤΑΛΟΥ ΣΥΓΓΡΑΦΕΩΣ ΝΙΝΟ ΤΕΚΑΤΣΙΝΙ
31ον

— Ναὶ μὲ τὸ βλέμμα, εἶπε ἡ Μαρίλη. Ἀπὸ πότε εἶχε κλείσει τὰ μάτια της καὶ τὰ ἄνοιξε πάλι; Στὸ ἀμάξι τὸ φῶς ἔπεφτε ἀπὸ τὸ παράθυρο καὶ ἡ Σοφία καθόταν σιωπηλή. Κανεὶς δὲν μιλοῦσε. Ἀργότερα ὁ ἄνδρας της ἄρχισε νὰ μιλᾷ γιὰ τὸ ταξίδι καὶ γιὰ τὰ σχέδιά τους στὴν καινούργια πόλη, ἀλλὰ ἐκείνη δὲν ἄκουγε. Σκεπτόταν τὸ παρελθόν, τὸν πρῶτο γάμο της, τὶς ἐλπίδες ποὺ χάθηκαν.

Τὴν εἶχε πάρει ὁ ὕπνος; Ὄχι, ἄκουγε ἀκόμη τὰ βήματα στὸ διάδρομο καὶ τὴ φωνὴ τῆς μητέρας της ποὺ τὴ φώναζε. — Ἔρχομαι, ἀπάντησε σιγανά. Σηκώθηκε καὶ στάθηκε μπροστὰ στὸν καθρέφτη. Τὸ πρόσωπό της ἦταν χλωμό, τὰ μάτια της κουρασμένα. Ὅμως ἔπρεπε νὰ φανεῖ δυνατή.

— Εἶμαι ἐδῶ, Μαρίλη. Τί θέλεις; Ἡ κοπέλα χαμογέλασε. — Τίποτα. Ἤθελα μόνο νὰ σὲ δῶ. Ἦταν ἀλλόκοτη ἐκείνη ἡ βραδιά. Ὁ ἄνεμος φυσοῦσε δυνατὰ καὶ τὰ παράθυρα χτυποῦσαν. — Θὰ μείνεις ἀπόψε; — Ναί, θὰ μείνω, εἶπε ἡ Σοφία.

Τὴν εἶχε πάρει ὁ ὕπνος; Ὄχι, ἄκουγε ἀκόμη τὰ βήματα στὸ διάδρομο καὶ τὴ φωνὴ τῆς μητέρας της ποὺ τὴ φώναζε. — Ἔρχομαι, ἀπάντησε σιγανά. Σηκώθηκε καὶ στάθηκε μπροστὰ στὸν καθρέφτη. Τὸ πρόσωπό της ἦταν χλωμό, τὰ μάτια της κουρασμένα. Ὅμως ἔπρεπε νὰ φανεῖ δυνατή.

— Εἶμαι ἐδῶ, Μαρίλη. Τί θέλεις; Ἡ κοπέλα χαμογέλασε. — Τίποτα. Ἤθελα μόνο νὰ σὲ δῶ. Ἦταν ἀλλόκοτη ἐκείνη ἡ βραδιά. Ὁ ἄνεμος φυσοῦσε δυνατὰ καὶ τὰ παράθυρα χτυποῦσαν. — Θὰ μείνεις ἀπόψε; — Ναί, θὰ μείνω, εἶπε ἡ Σοφία.

Τὸ πρωὶ ἡ Μαρίλη ξύπνησε νωρὶς καὶ κατέβηκε στὸν κῆπο. Ὁ ἥλιος ἔλαμπε καὶ τὰ πουλιὰ τραγουδοῦσαν. Σκεπτόταν ὅτι ἡ ζωὴ μπορεῖ ἀκόμη νὰ εἶναι ὄμορφη, παρ᾽ ὅλα ὅσα εἶχαν συμβεῖ. Ὅταν γύρισε στὸ σπίτι, βρῆκε ἕνα γράμμα πάνω στὸ τραπέζι.

Τὸ πρωὶ ἡ Μαρίλη ξύπνησε νωρὶς καὶ κατέβηκε στὸν κῆπο. Ὁ ἥλιος ἔλαμπε καὶ τὰ πουλιὰ τραγουδοῦσαν. Σκεπτόταν ὅτι ἡ ζωὴ μπορεῖ ἀκόμη νὰ εἶναι ὄμορφη, παρ᾽ ὅλα ὅσα εἶχαν συμβεῖ. Ὅταν γύρισε στὸ σπίτι, βρῆκε ἕνα γράμμα πάνω στὸ τραπέζι.

— Ἀπὸ ποιὸν εἶναι; ρώτησε. — Δὲν ξέρω, κυρία. Τὸ ἔφερε ἕνας νέος πρὶν λίγο. Ἡ Μαρίλη τὸ ἄνοιξε μὲ τρεμάμενα χέρια. Ἦταν ἀπὸ τὸν Πέτρο. Τῆς ἔγραφε ὅτι θὰ ἐρχόταν τὸ ἴδιο βράδυ καὶ ὅτι ἤθελε νὰ τῆς μιλήσει γιὰ κάτι πολὺ σοβαρό.

— Θέλω νὰ ξέρεις, ἔλεγε στὸ γράμμα, ὅτι ποτὲ δὲν σὲ ξέχασα. Ὅλα αὐτὰ τὰ χρόνια σκεπτόμουν μόνο ἐσένα. Ἡ Μαρίλη δίπλωσε τὸ γράμμα καὶ τὸ ἔκρυψε στὸ στῆθος της. Ἡ καρδιά της χτυποῦσε δυνατά.

— Ἀπὸ ποιὸν εἶναι; ρώτησε. — Δὲν ξέρω, κυρία. Τὸ ἔφερε ἕνας νέος πρὶν λίγο. Ἡ Μαρίλη τὸ ἄνοιξε μὲ τρεμάμενα χέρια. Ἦταν ἀπὸ τὸν Πέτρο. Τῆς ἔγραφε ὅτι θὰ ἐρχόταν τὸ ἴδιο βράδυ καὶ ὅτι ἤθελε νὰ τῆς μιλήσει γιὰ κάτι πολὺ σοβαρό.

— Θέλω νὰ ξέρεις, ἔλεγε στὸ γράμμα, ὅτι ποτὲ δὲν σὲ ξέχασα. Ὅλα αὐτὰ τὰ χρόνια σκεπτόμουν μόνο ἐσένα. Ἡ Μαρίλη δίπλωσε τὸ γράμμα καὶ τὸ ἔκρυψε στὸ στῆθος της. Ἡ καρδιά της χτυποῦσε δυνατά.

— Ναὶ μὲ τὸ βλέμμα, εἶπε ἡ Μαρίλη. Ἀπὸ πότε εἶχε κλείσει τὰ μάτια της καὶ τὰ ἄνοιξε πάλι; Στὸ ἀμάξι τὸ φῶς ἔπεφτε ἀπὸ τὸ παράθυρο καὶ ἡ Σοφία καθόταν σιωπηλή. Κανεὶς δὲν μιλοῦσε. Ἀργότερα ὁ ἄνδρας της ἄρχισε νὰ μιλᾷ γιὰ τὸ ταξίδι καὶ γιὰ τὰ σχέδιά τους στὴν καινούργια πόλη, ἀλλὰ ἐκείνη δὲν ἄκουγε. Σκεπτόταν τὸ παρελθόν, τὸν πρῶτο γάμο της, τὶς ἐλπίδες ποὺ χάθηκαν.

ΑΥΡΙΟΝ: Ἡ συνέχεια
